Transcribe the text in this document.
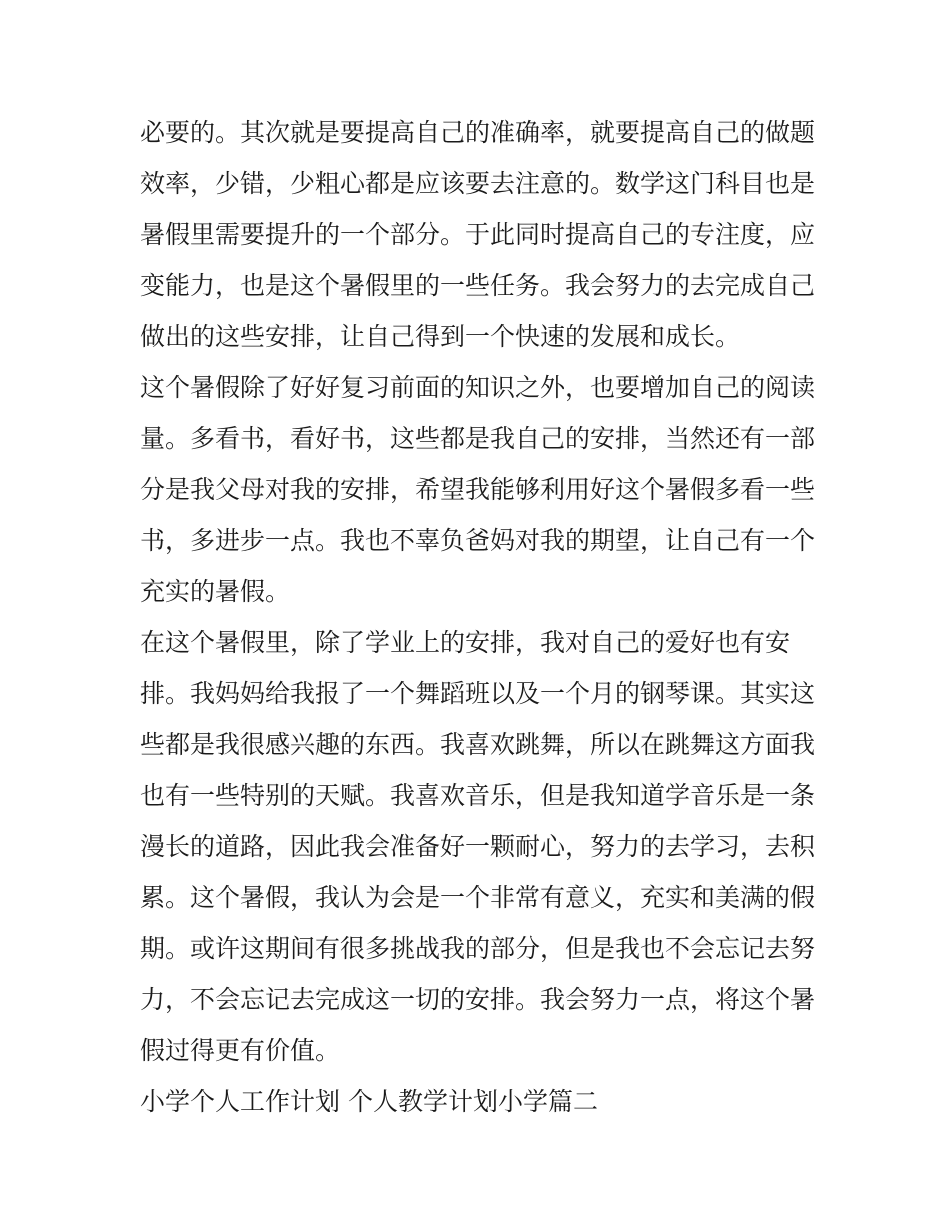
必要的。其次就是要提高自己的准确率，就要提高自己的做题
效率，少错，少粗心都是应该要去注意的。数学这门科目也是
暑假里需要提升的一个部分。于此同时提高自己的专注度，应
变能力，也是这个暑假里的一些任务。我会努力的去完成自己
做出的这些安排，让自己得到一个快速的发展和成长。
这个暑假除了好好复习前面的知识之外，也要增加自己的阅读
量。多看书，看好书，这些都是我自己的安排，当然还有一部
分是我父母对我的安排，希望我能够利用好这个暑假多看一些
书，多进步一点。我也不辜负爸妈对我的期望，让自己有一个
充实的暑假。
在这个暑假里，除了学业上的安排，我对自己的爱好也有安
排。我妈妈给我报了一个舞蹈班以及一个月的钢琴课。其实这
些都是我很感兴趣的东西。我喜欢跳舞，所以在跳舞这方面我
也有一些特别的天赋。我喜欢音乐，但是我知道学音乐是一条
漫长的道路，因此我会准备好一颗耐心，努力的去学习，去积
累。这个暑假，我认为会是一个非常有意义，充实和美满的假
期。或许这期间有很多挑战我的部分，但是我也不会忘记去努
力，不会忘记去完成这一切的安排。我会努力一点，将这个暑
假过得更有价值。
小学个人工作计划 个人教学计划小学篇二
